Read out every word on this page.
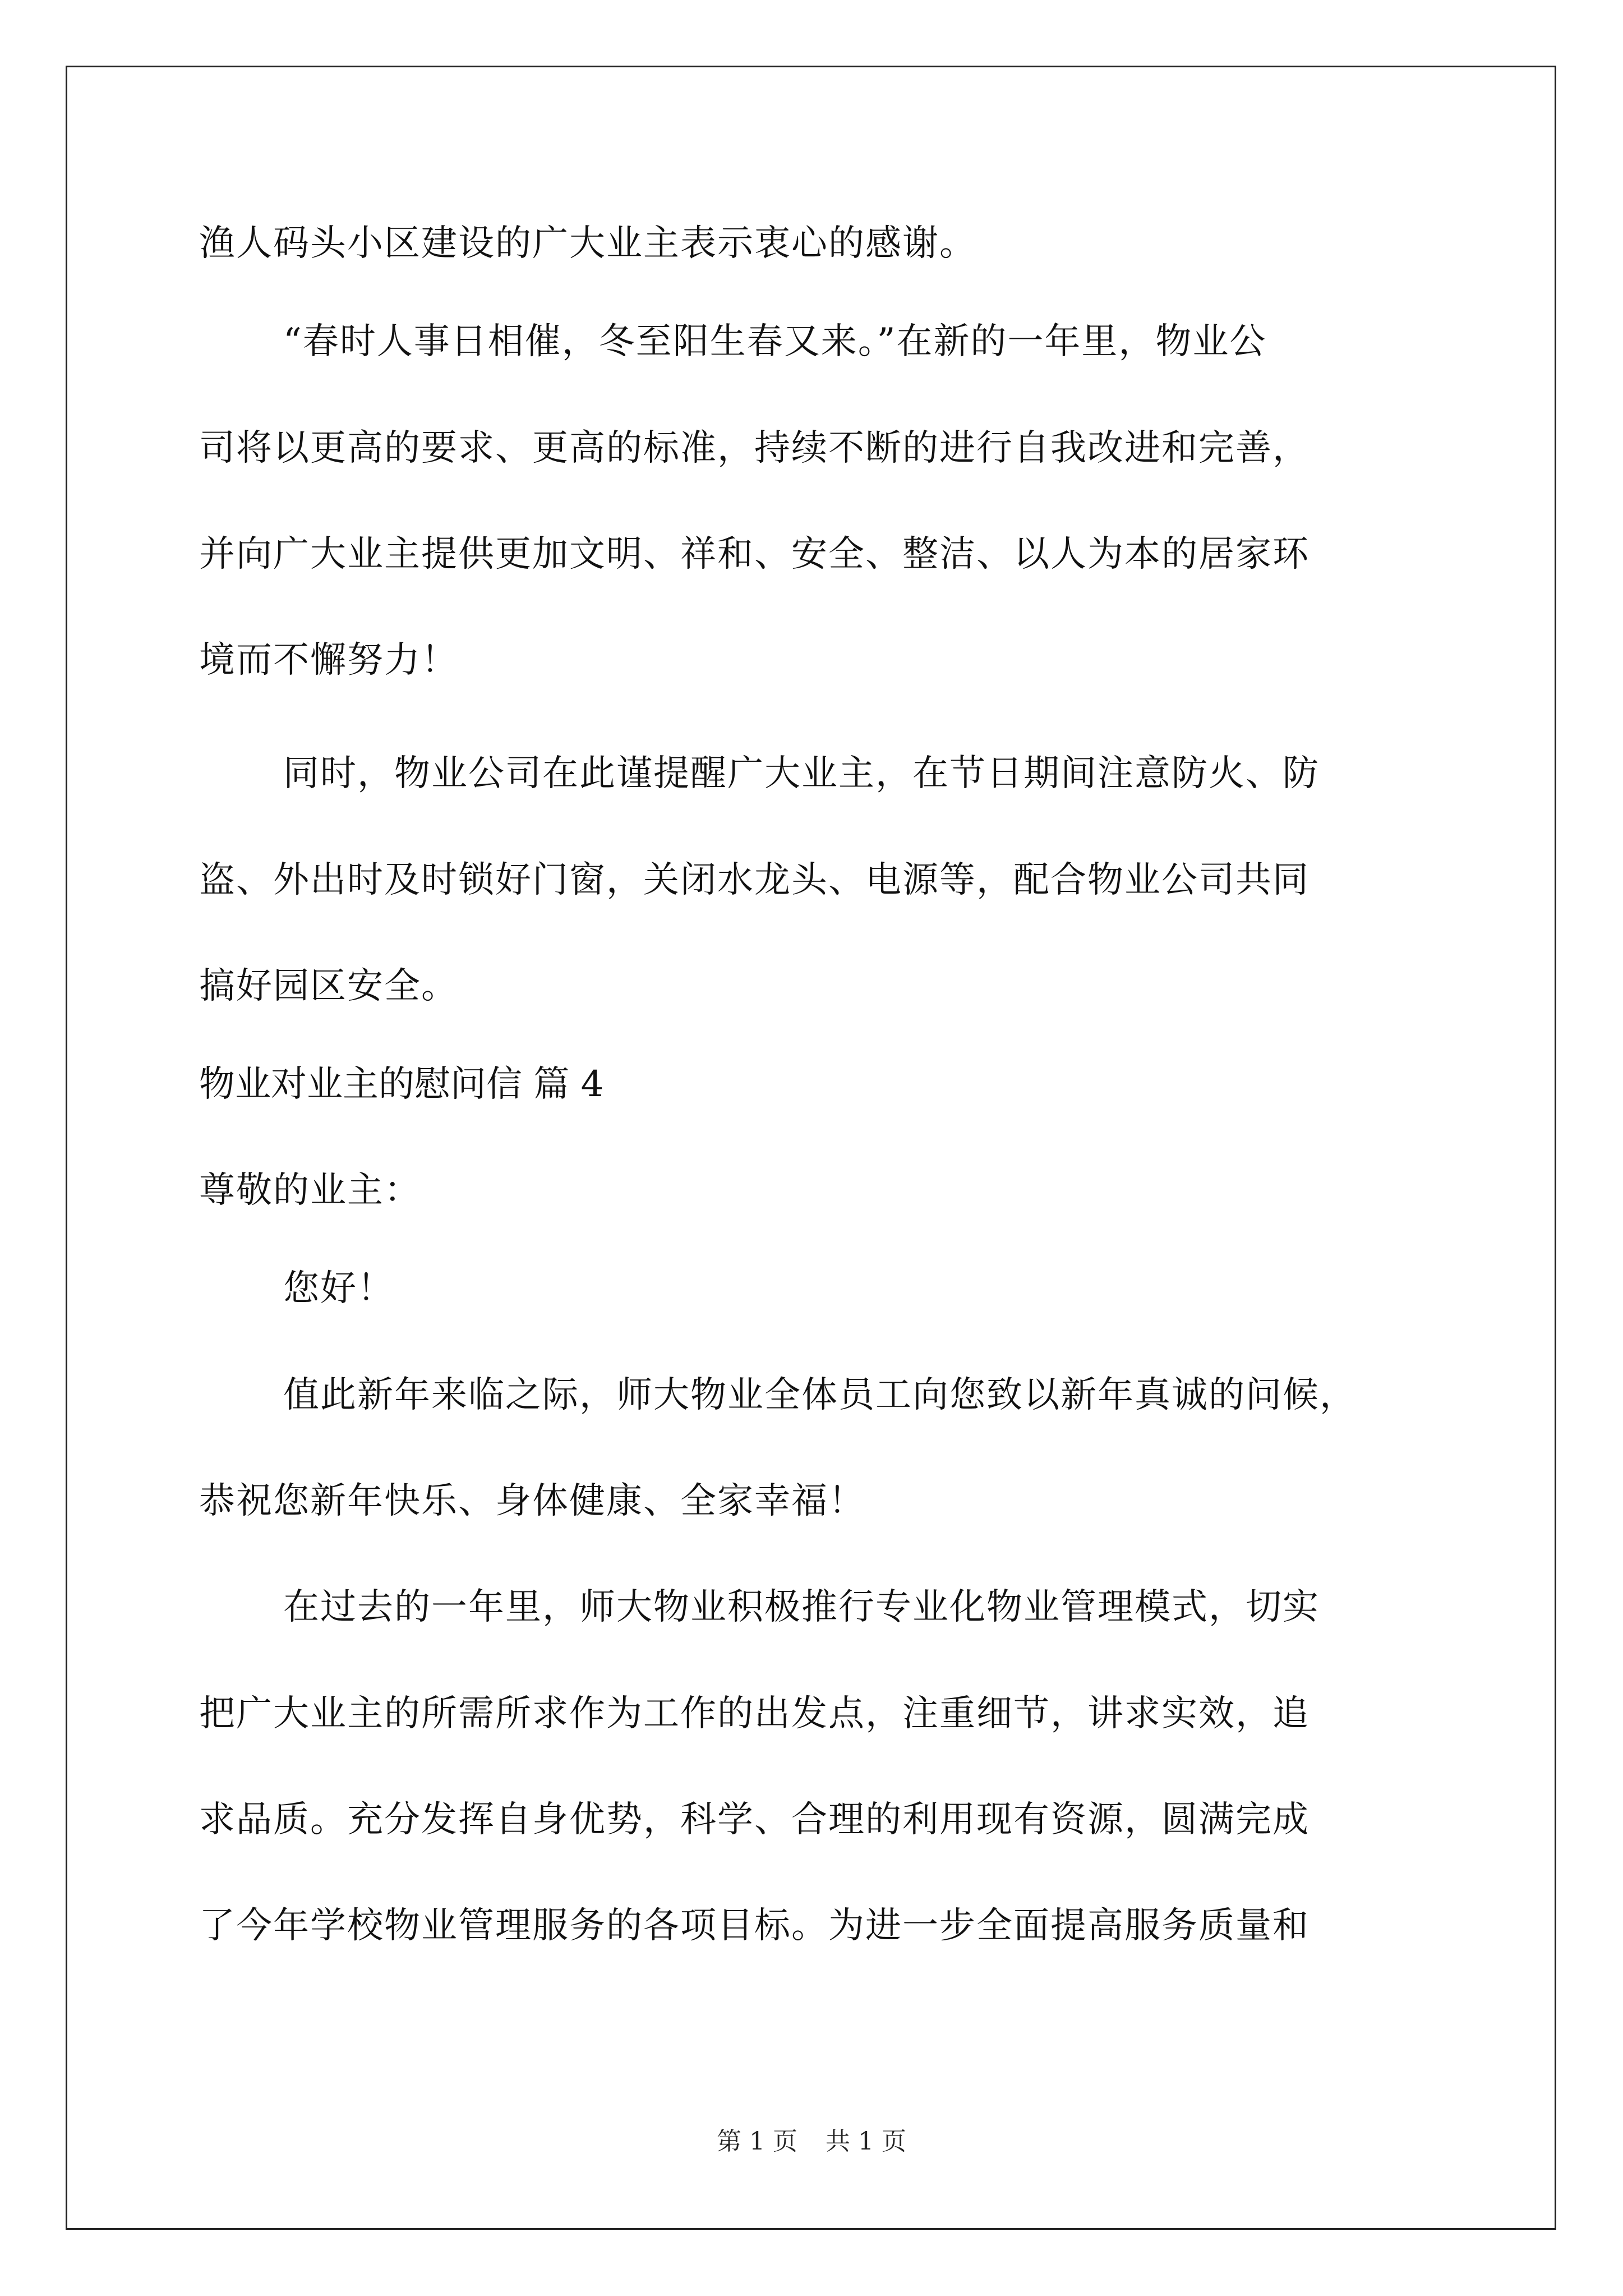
渔人码头小区建设的广大业主表示衷心的感谢。
“春时人事日相催，冬至阳生春又来。”在新的一年里，物业公
司将以更高的要求、更高的标准，持续不断的进行自我改进和完善，
并向广大业主提供更加文明、祥和、安全、整洁、以人为本的居家环
境而不懈努力！
同时，物业公司在此谨提醒广大业主，在节日期间注意防火、防
盗、外出时及时锁好门窗，关闭水龙头、电源等，配合物业公司共同
搞好园区安全。
物业对业主的慰问信 篇 4
尊敬的业主：
您好！
值此新年来临之际，师大物业全体员工向您致以新年真诚的问候，
恭祝您新年快乐、身体健康、全家幸福！
在过去的一年里，师大物业积极推行专业化物业管理模式，切实
把广大业主的所需所求作为工作的出发点，注重细节，讲求实效，追
求品质。充分发挥自身优势，科学、合理的利用现有资源，圆满完成
了今年学校物业管理服务的各项目标。为进一步全面提高服务质量和
第 1 页 共 1 页
